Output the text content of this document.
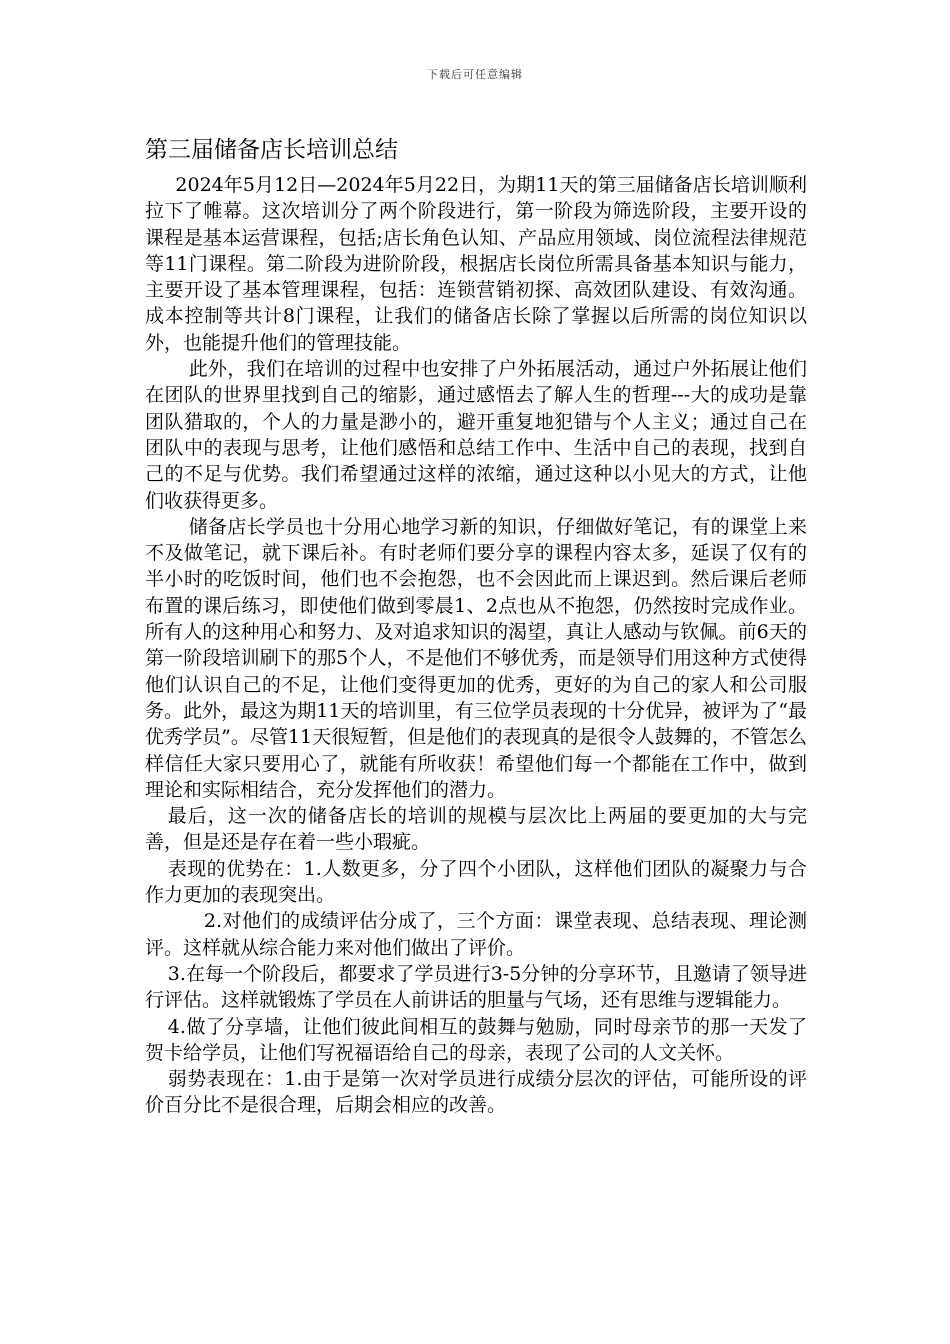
下载后可任意编辑
第三届储备店长培训总结

2024年5月12日—2024年5月22日，为期11天的第三届储备店长培训顺利拉下了帷幕。这次培训分了两个阶段进行，第一阶段为筛选阶段，主要开设的课程是基本运营课程，包括;店长角色认知、产品应用领域、岗位流程法律规范等11门课程。第二阶段为进阶阶段，根据店长岗位所需具备基本知识与能力，主要开设了基本管理课程，包括：连锁营销初探、高效团队建设、有效沟通。成本控制等共计8门课程，让我们的储备店长除了掌握以后所需的岗位知识以外，也能提升他们的管理技能。

此外，我们在培训的过程中也安排了户外拓展活动，通过户外拓展让他们在团队的世界里找到自己的缩影，通过感悟去了解人生的哲理---大的成功是靠团队猎取的，个人的力量是渺小的，避开重复地犯错与个人主义；通过自己在团队中的表现与思考，让他们感悟和总结工作中、生活中自己的表现，找到自己的不足与优势。我们希望通过这样的浓缩，通过这种以小见大的方式，让他们收获得更多。

储备店长学员也十分用心地学习新的知识，仔细做好笔记，有的课堂上来不及做笔记，就下课后补。有时老师们要分享的课程内容太多，延误了仅有的半小时的吃饭时间，他们也不会抱怨，也不会因此而上课迟到。然后课后老师布置的课后练习，即使他们做到零晨1、2点也从不抱怨，仍然按时完成作业。所有人的这种用心和努力、及对追求知识的渴望，真让人感动与钦佩。前6天的第一阶段培训刷下的那5个人，不是他们不够优秀，而是领导们用这种方式使得他们认识自己的不足，让他们变得更加的优秀，更好的为自己的家人和公司服务。此外，最这为期11天的培训里，有三位学员表现的十分优异，被评为了“最优秀学员”。尽管11天很短暂，但是他们的表现真的是很令人鼓舞的，不管怎么样信任大家只要用心了，就能有所收获！希望他们每一个都能在工作中，做到理论和实际相结合，充分发挥他们的潜力。

最后，这一次的储备店长的培训的规模与层次比上两届的要更加的大与完善，但是还是存在着一些小瑕疵。

表现的优势在：1.人数更多，分了四个小团队，这样他们团队的凝聚力与合作力更加的表现突出。

2.对他们的成绩评估分成了，三个方面：课堂表现、总结表现、理论测评。这样就从综合能力来对他们做出了评价。

3.在每一个阶段后，都要求了学员进行3-5分钟的分享环节，且邀请了领导进行评估。这样就锻炼了学员在人前讲话的胆量与气场，还有思维与逻辑能力。

4.做了分享墙，让他们彼此间相互的鼓舞与勉励，同时母亲节的那一天发了贺卡给学员，让他们写祝福语给自己的母亲，表现了公司的人文关怀。

弱势表现在：1.由于是第一次对学员进行成绩分层次的评估，可能所设的评价百分比不是很合理，后期会相应的改善。
